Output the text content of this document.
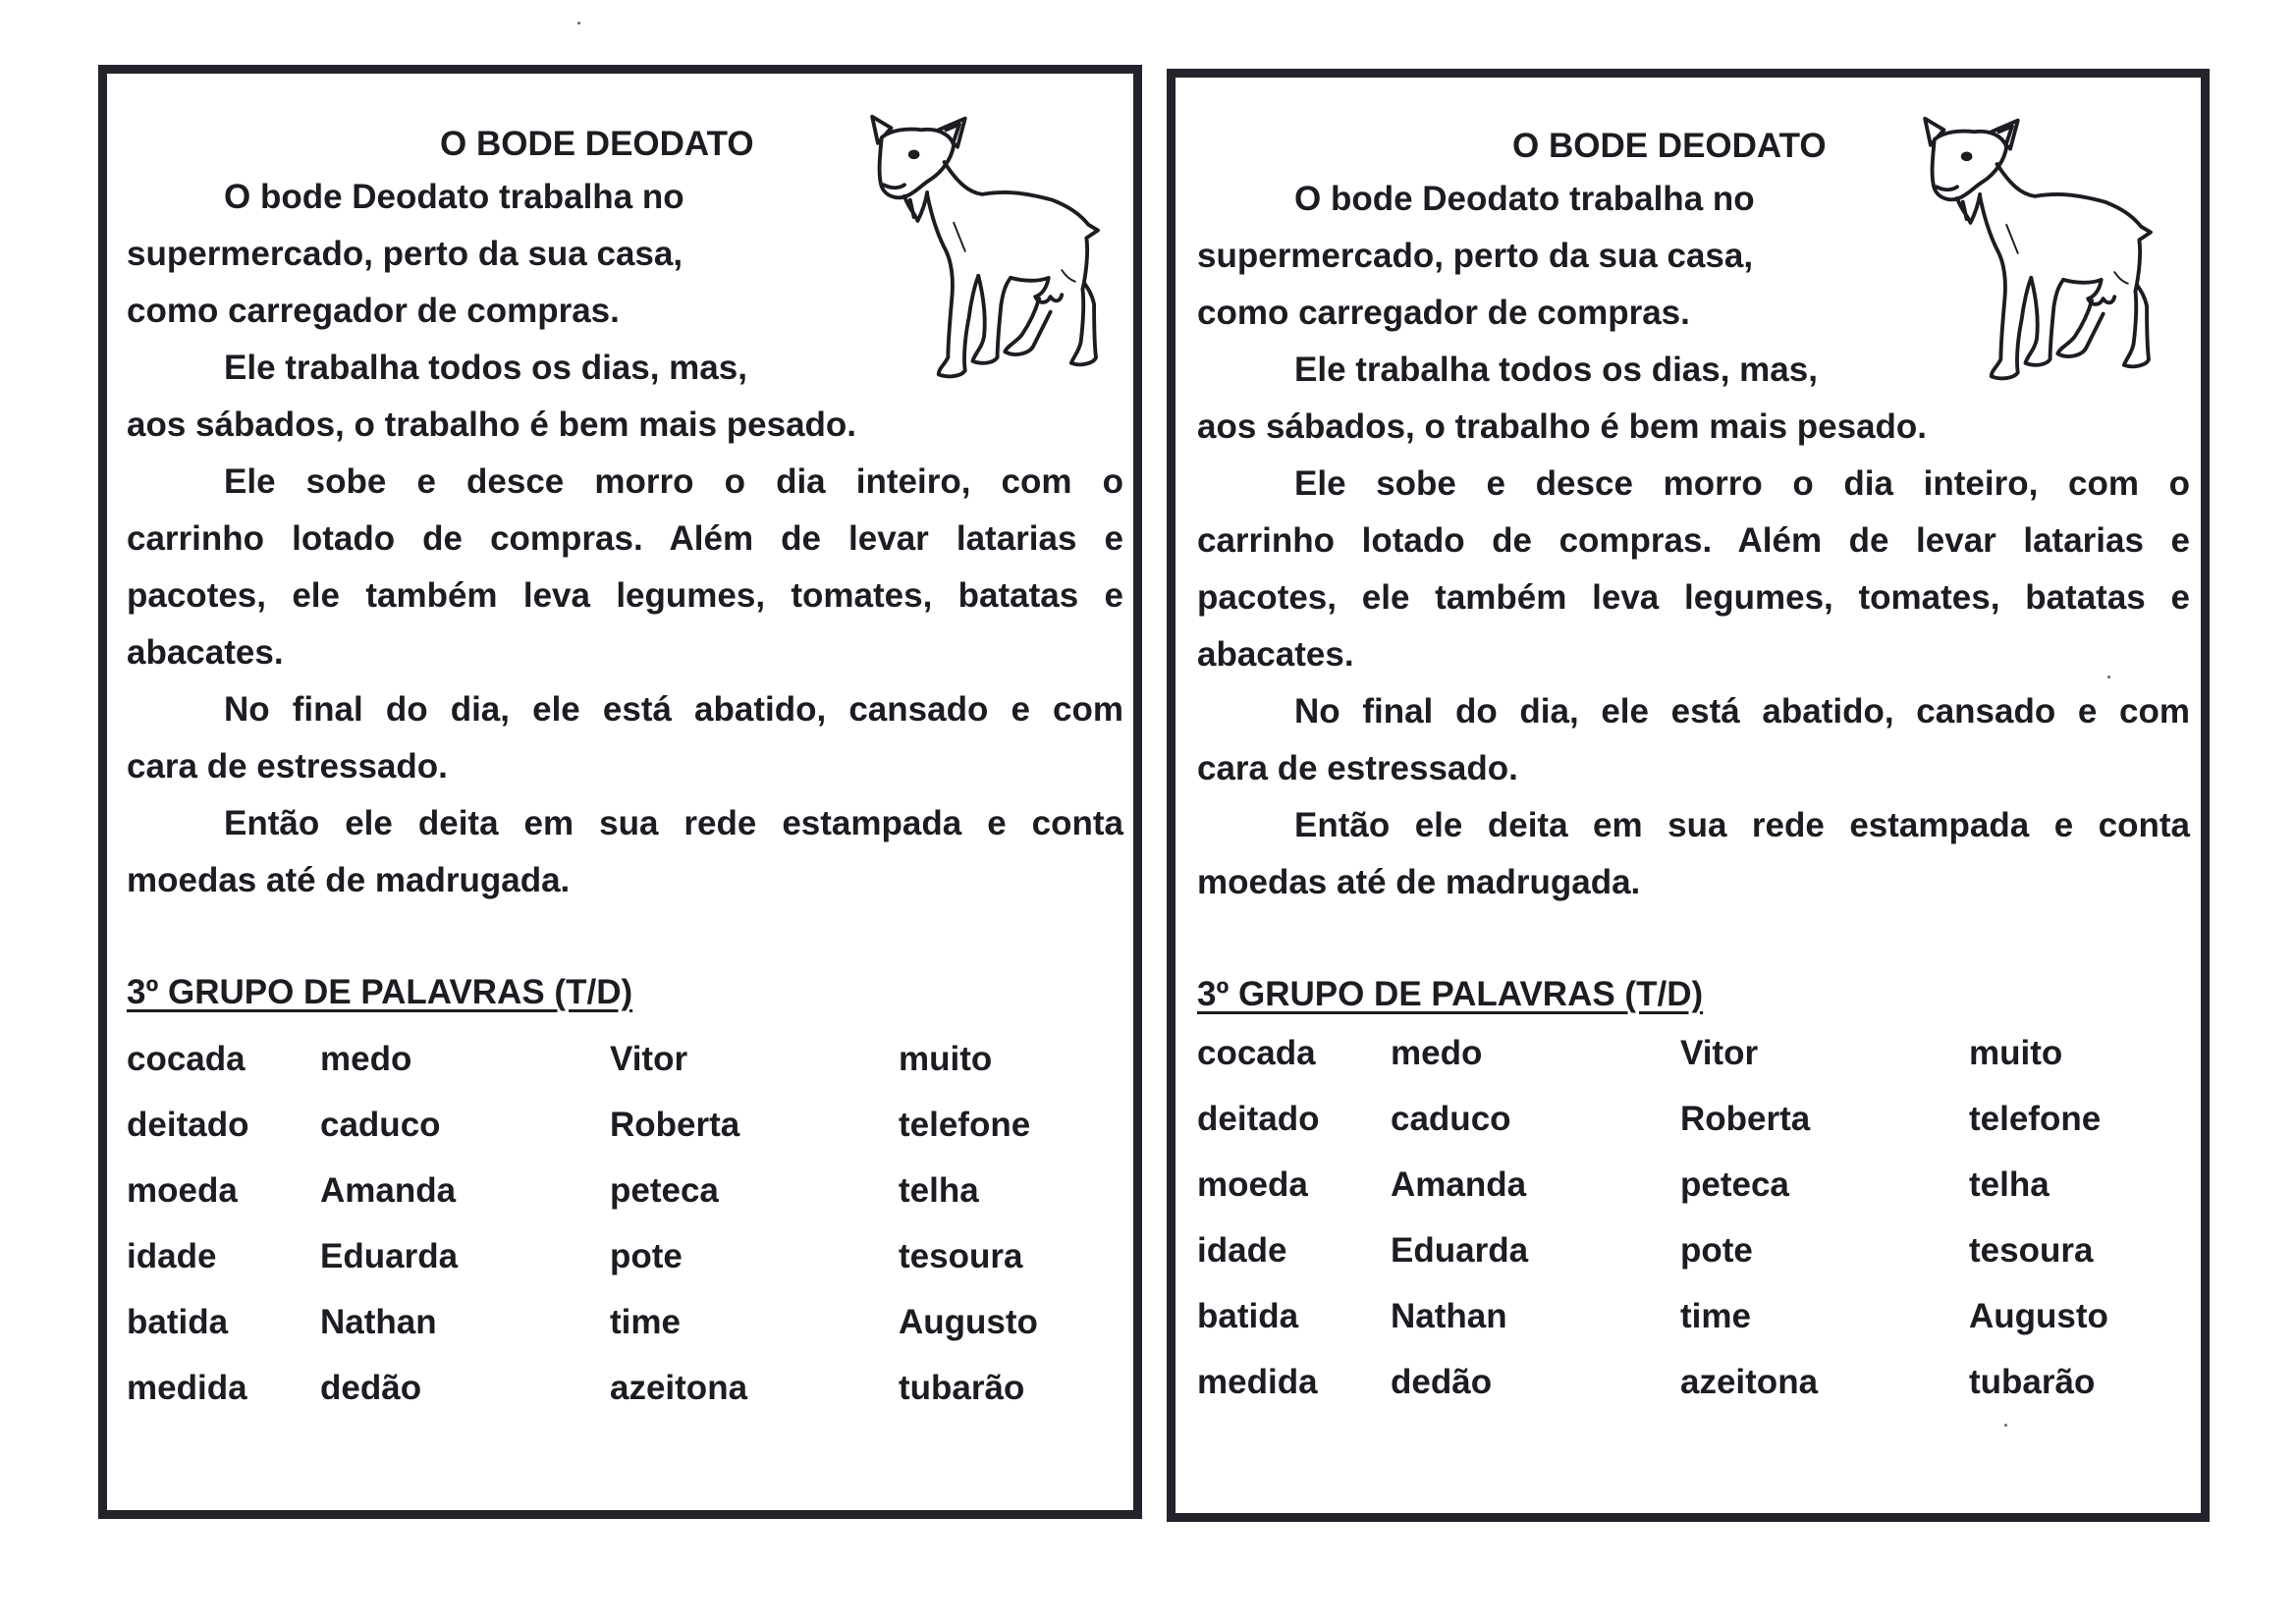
O BODE DEODATO
O bode Deodato trabalha no
supermercado, perto da sua casa,
como carregador de compras.
Ele trabalha todos os dias, mas,
aos sábados, o trabalho é bem mais pesado.
Ele sobe e desce morro o dia inteiro, com o
carrinho lotado de compras. Além de levar latarias e
pacotes, ele também leva legumes, tomates, batatas e
abacates.
No final do dia, ele está abatido, cansado e com
cara de estressado.
Então ele deita em sua rede estampada e conta
moedas até de madrugada.
3º GRUPO DE PALAVRAS (T/D)
cocada
deitado
moeda
idade
batida
medida
medo
caduco
Amanda
Eduarda
Nathan
dedão
Vitor
Roberta
peteca
pote
time
azeitona
muito
telefone
telha
tesoura
Augusto
tubarão
O BODE DEODATO
O bode Deodato trabalha no
supermercado, perto da sua casa,
como carregador de compras.
Ele trabalha todos os dias, mas,
aos sábados, o trabalho é bem mais pesado.
Ele sobe e desce morro o dia inteiro, com o
carrinho lotado de compras. Além de levar latarias e
pacotes, ele também leva legumes, tomates, batatas e
abacates.
No final do dia, ele está abatido, cansado e com
cara de estressado.
Então ele deita em sua rede estampada e conta
moedas até de madrugada.
3º GRUPO DE PALAVRAS (T/D)
cocada
deitado
moeda
idade
batida
medida
medo
caduco
Amanda
Eduarda
Nathan
dedão
Vitor
Roberta
peteca
pote
time
azeitona
muito
telefone
telha
tesoura
Augusto
tubarão
